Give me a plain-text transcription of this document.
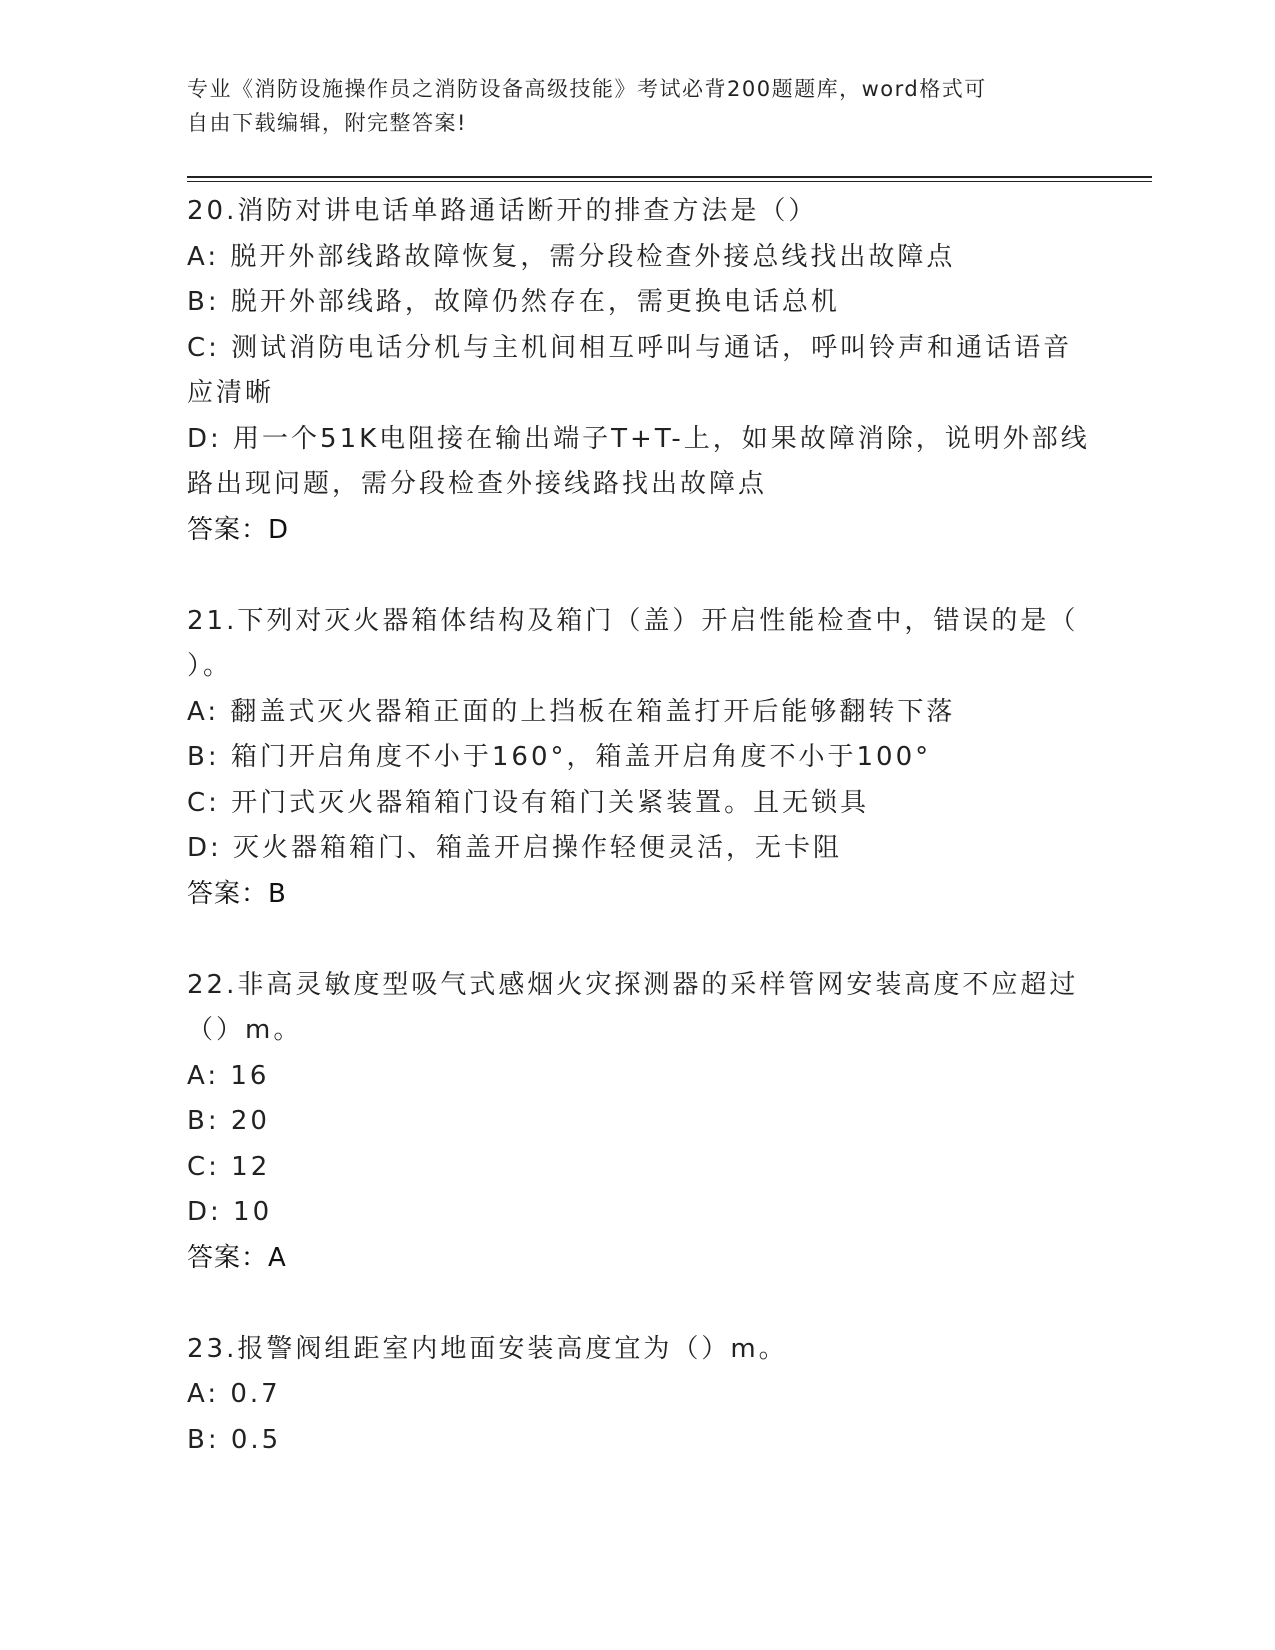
专业《消防设施操作员之消防设备高级技能》考试必背200题题库，word格式可
自由下载编辑，附完整答案!
20.消防对讲电话单路通话断开的排查方法是（）
A: 脱开外部线路故障恢复，需分段检查外接总线找出故障点
B: 脱开外部线路，故障仍然存在，需更换电话总机
C: 测试消防电话分机与主机间相互呼叫与通话，呼叫铃声和通话语音
应清晰
D: 用一个51K电阻接在输出端子T+T-上，如果故障消除，说明外部线
路出现问题，需分段检查外接线路找出故障点
答案：D
21.下列对灭火器箱体结构及箱门（盖）开启性能检查中，错误的是（
）。
A: 翻盖式灭火器箱正面的上挡板在箱盖打开后能够翻转下落
B: 箱门开启角度不小于160°，箱盖开启角度不小于100°
C: 开门式灭火器箱箱门设有箱门关紧装置。且无锁具
D: 灭火器箱箱门、箱盖开启操作轻便灵活，无卡阻
答案：B
22.非高灵敏度型吸气式感烟火灾探测器的采样管网安装高度不应超过
（）m。
A: 16
B: 20
C: 12
D: 10
答案：A
23.报警阀组距室内地面安装高度宜为（）m。
A: 0.7
B: 0.5
